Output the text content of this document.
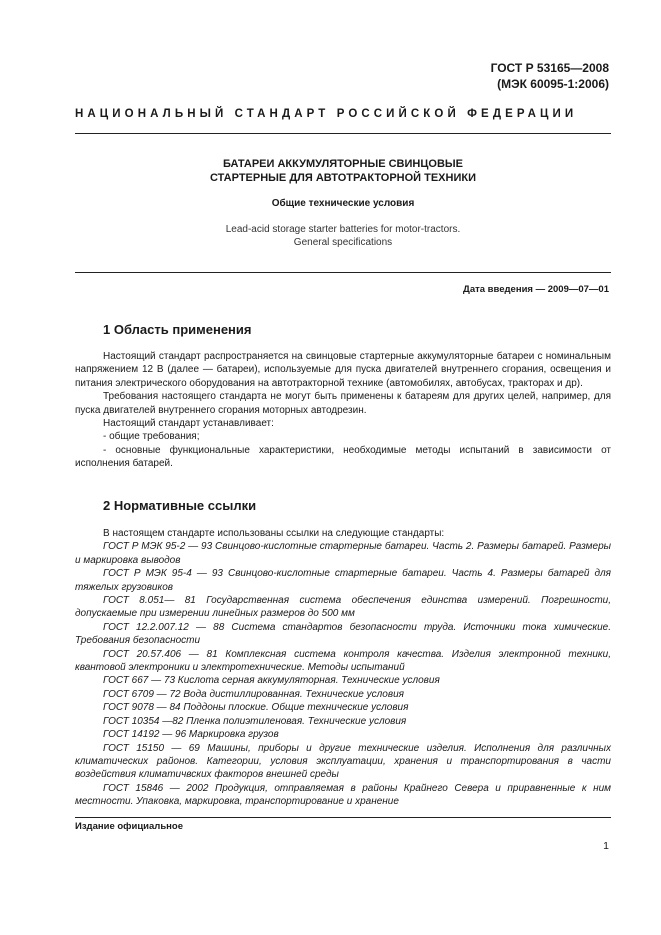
ГОСТ Р 53165—2008
(МЭК 60095-1:2006)
НАЦИОНАЛЬНЫЙ СТАНДАРТ РОССИЙСКОЙ ФЕДЕРАЦИИ
БАТАРЕИ АККУМУЛЯТОРНЫЕ СВИНЦОВЫЕ
СТАРТЕРНЫЕ ДЛЯ АВТОТРАКТОРНОЙ ТЕХНИКИ
Общие технические условия
Lead-acid storage starter batteries for motor-tractors.
General specifications
Дата введения — 2009—07—01
1 Область применения

Настоящий стандарт распространяется на свинцовые стартерные аккумуляторные батареи с номинальным напряжением 12 В (далее — батареи), используемые для пуска двигателей внутреннего сгорания, освещения и питания электрического оборудования на автотракторной технике (автомобилях, автобусах, тракторах и др).

Требования настоящего стандарта не могут быть применены к батареям для других целей, например, для пуска двигателей внутреннего сгорания моторных автодрезин.

Настоящий стандарт устанавливает:

- общие требования;

- основные функциональные характеристики, необходимые методы испытаний в зависимости от исполнения батарей.

2 Нормативные ссылки

В настоящем стандарте использованы ссылки на следующие стандарты:

ГОСТ Р МЭК 95-2 — 93 Свинцово-кислотные стартерные батареи. Часть 2. Размеры батарей. Размеры и маркировка выводов

ГОСТ Р МЭК 95-4 — 93 Свинцово-кислотные стартерные батареи. Часть 4. Размеры батарей для тяжелых грузовиков

ГОСТ 8.051— 81 Государственная система обеспечения единства измерений. Погрешности, допускаемые при измерении линейных размеров до 500 мм

ГОСТ 12.2.007.12 — 88 Система стандартов безопасности труда. Источники тока химические. Требования безопасности

ГОСТ 20.57.406 — 81 Комплексная система контроля качества. Изделия электронной техники, квантовой электроники и электротехнические. Методы испытаний

ГОСТ 667 — 73 Кислота серная аккумуляторная. Технические условия

ГОСТ 6709 — 72 Вода дистиллированная. Технические условия

ГОСТ 9078 — 84 Поддоны плоские. Общие технические условия

ГОСТ 10354 —82 Пленка полиэтиленовая. Технические условия

ГОСТ 14192 — 96 Маркировка грузов

ГОСТ 15150 — 69 Машины, приборы и другие технические изделия. Исполнения для различных климатических районов. Категории, условия эксплуатации, хранения и транспортирования в части воздействия климатичвских факторов внешней среды

ГОСТ 15846 — 2002 Продукция, отправляемая в районы Крайнего Севера и приравненные к ним местности. Упаковка, маркировка, транспортирование и хранение

Издание официальное
1
